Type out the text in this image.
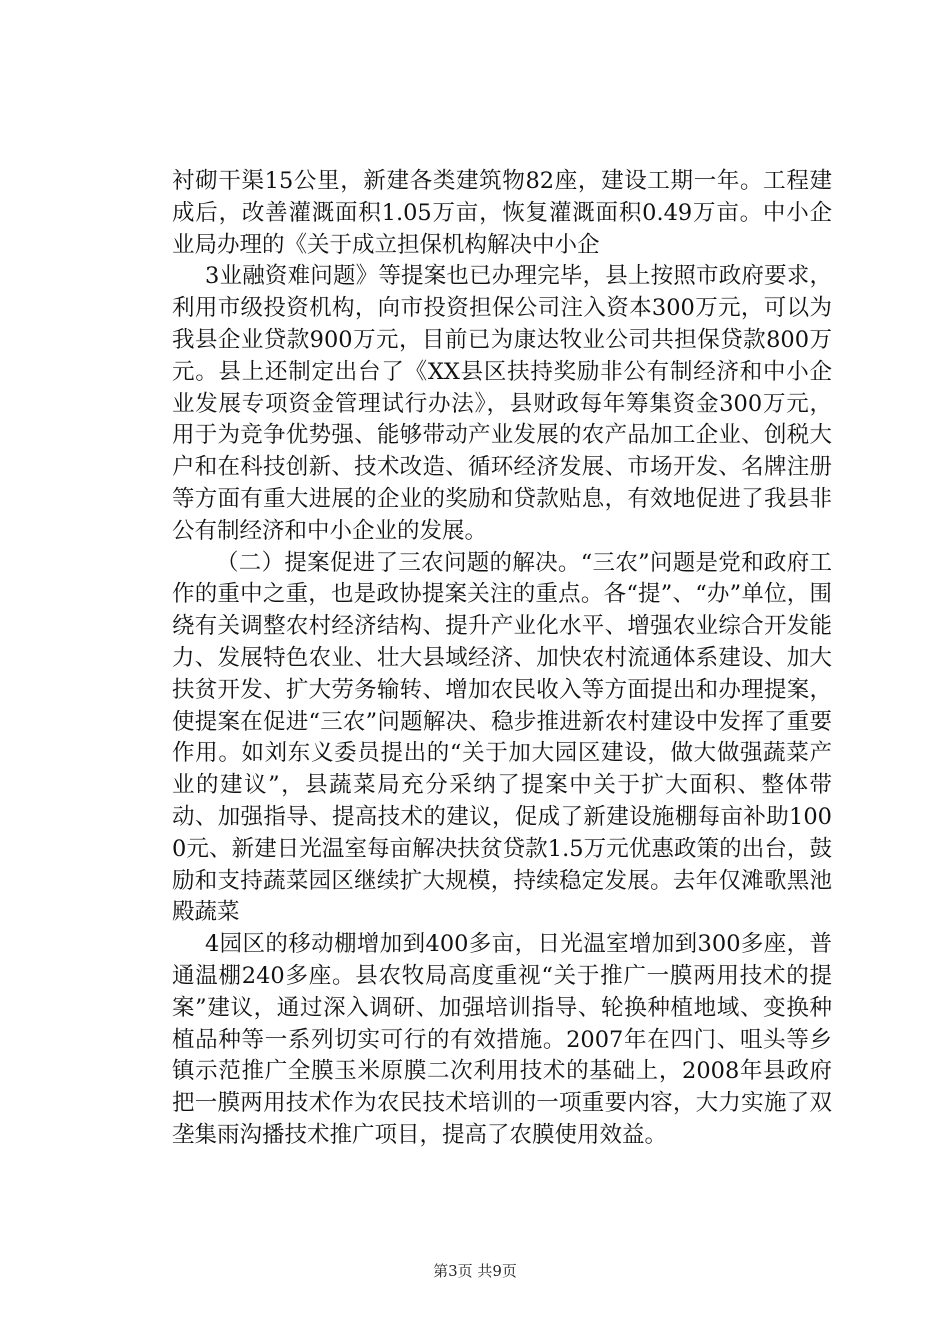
衬砌干渠15公里，新建各类建筑物82座，建设工期一年。工程建成后，改善灌溉面积1.05万亩，恢复灌溉面积0.49万亩。中小企业局办理的《关于成立担保机构解决中小企

3业融资难问题》等提案也已办理完毕，县上按照市政府要求，利用市级投资机构，向市投资担保公司注入资本300万元，可以为我县企业贷款900万元，目前已为康达牧业公司共担保贷款800万元。县上还制定出台了《XX县区扶持奖励非公有制经济和中小企业发展专项资金管理试行办法》，县财政每年筹集资金300万元，用于为竞争优势强、能够带动产业发展的农产品加工企业、创税大户和在科技创新、技术改造、循环经济发展、市场开发、名牌注册等方面有重大进展的企业的奖励和贷款贴息，有效地促进了我县非公有制经济和中小企业的发展。

（二）提案促进了三农问题的解决。“三农”问题是党和政府工作的重中之重，也是政协提案关注的重点。各“提”、“办”单位，围绕有关调整农村经济结构、提升产业化水平、增强农业综合开发能力、发展特色农业、壮大县域经济、加快农村流通体系建设、加大扶贫开发、扩大劳务输转、增加农民收入等方面提出和办理提案，使提案在促进“三农”问题解决、稳步推进新农村建设中发挥了重要作用。如刘东义委员提出的“关于加大园区建设，做大做强蔬菜产业的建议”，县蔬菜局充分采纳了提案中关于扩大面积、整体带动、加强指导、提高技术的建议，促成了新建设施棚每亩补助1000元、新建日光温室每亩解决扶贫贷款1.5万元优惠政策的出台，鼓励和支持蔬菜园区继续扩大规模，持续稳定发展。去年仅滩歌黑池殿蔬菜

4园区的移动棚增加到400多亩，日光温室增加到300多座，普通温棚240多座。县农牧局高度重视“关于推广一膜两用技术的提案”建议，通过深入调研、加强培训指导、轮换种植地域、变换种植品种等一系列切实可行的有效措施。2007年在四门、咀头等乡镇示范推广全膜玉米原膜二次利用技术的基础上，2008年县政府把一膜两用技术作为农民技术培训的一项重要内容，大力实施了双垄集雨沟播技术推广项目，提高了农膜使用效益。

第3页 共9页
